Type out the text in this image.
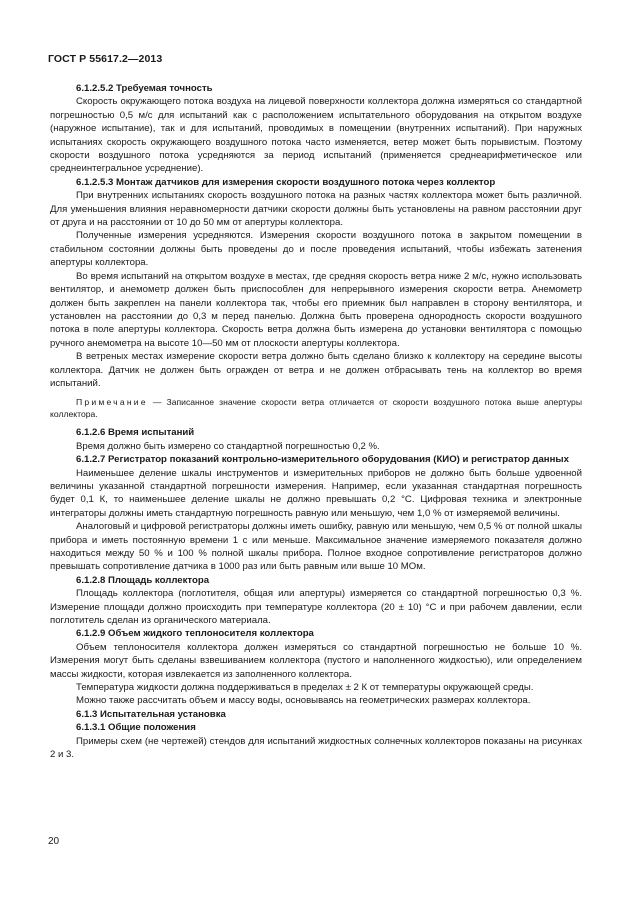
ГОСТ Р 55617.2—2013
6.1.2.5.2 Требуемая точность

Скорость окружающего потока воздуха на лицевой поверхности коллектора должна измеряться со стандартной погрешностью 0,5 м/с для испытаний как с расположением испытательного оборудования на открытом воздухе (наружное испытание), так и для испытаний, проводимых в помещении (внутренних испытаний). При наружных испытаниях скорость окружающего воздушного потока часто изменяется, ветер может быть порывистым. Поэтому скорости воздушного потока усредняются за период испытаний (применяется среднеарифметическое или среднеинтегральное усреднение).

6.1.2.5.3 Монтаж датчиков для измерения скорости воздушного потока через коллектор

При внутренних испытаниях скорость воздушного потока на разных частях коллектора может быть различной. Для уменьшения влияния неравномерности датчики скорости должны быть установлены на равном расстоянии друг от друга и на расстоянии от 10 до 50 мм от апертуры коллектора.

Полученные измерения усредняются. Измерения скорости воздушного потока в закрытом помещении в стабильном состоянии должны быть проведены до и после проведения испытаний, чтобы избежать затенения апертуры коллектора.

Во время испытаний на открытом воздухе в местах, где средняя скорость ветра ниже 2 м/с, нужно использовать вентилятор, и анемометр должен быть приспособлен для непрерывного измерения скорости ветра. Анемометр должен быть закреплен на панели коллектора так, чтобы его приемник был направлен в сторону вентилятора, и установлен на расстоянии до 0,3 м перед панелью. Должна быть проверена однородность скорости воздушного потока в поле апертуры коллектора. Скорость ветра должна быть измерена до установки вентилятора с помощью ручного анемометра на высоте 10—50 мм от плоскости апертуры коллектора.

В ветреных местах измерение скорости ветра должно быть сделано близко к коллектору на середине высоты коллектора. Датчик не должен быть огражден от ветра и не должен отбрасывать тень на коллектор во время испытаний.

Примечание — Записанное значение скорости ветра отличается от скорости воздушного потока выше апертуры коллектора.

6.1.2.6 Время испытаний

Время должно быть измерено со стандартной погрешностью 0,2 %.

6.1.2.7 Регистратор показаний контрольно-измерительного оборудования (КИО) и регистратор данных

Наименьшее деление шкалы инструментов и измерительных приборов не должно быть больше удвоенной величины указанной стандартной погрешности измерения. Например, если указанная стандартная погрешность будет 0,1 К, то наименьшее деление шкалы не должно превышать 0,2 °С. Цифровая техника и электронные интеграторы должны иметь стандартную погрешность равную или меньшую, чем 1,0 % от измеряемой величины.

Аналоговый и цифровой регистраторы должны иметь ошибку, равную или меньшую, чем 0,5 % от полной шкалы прибора и иметь постоянную времени 1 с или меньше. Максимальное значение измеряемого показателя должно находиться между 50 % и 100 % полной шкалы прибора. Полное входное сопротивление регистраторов должно превышать сопротивление датчика в 1000 раз или быть равным или выше 10 МОм.

6.1.2.8 Площадь коллектора

Площадь коллектора (поглотителя, общая или апертуры) измеряется со стандартной погрешностью 0,3 %. Измерение площади должно происходить при температуре коллектора (20 ± 10) °С и при рабочем давлении, если поглотитель сделан из органического материала.

6.1.2.9 Объем жидкого теплоносителя коллектора

Объем теплоносителя коллектора должен измеряться со стандартной погрешностью не больше 10 %. Измерения могут быть сделаны взвешиванием коллектора (пустого и наполненного жидкостью), или определением массы жидкости, которая извлекается из заполненного коллектора.

Температура жидкости должна поддерживаться в пределах ± 2 К от температуры окружающей среды.

Можно также рассчитать объем и массу воды, основываясь на геометрических размерах коллектора.

6.1.3 Испытательная установка
6.1.3.1 Общие положения

Примеры схем (не чертежей) стендов для испытаний жидкостных солнечных коллекторов показаны на рисунках 2 и 3.

20
